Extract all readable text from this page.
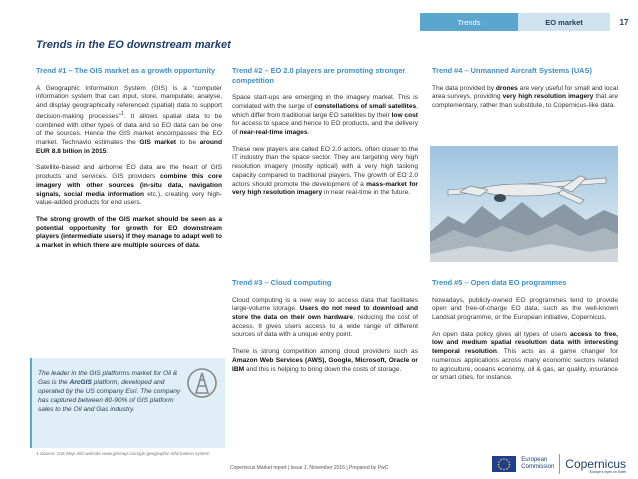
Trends	EO market	17
Trends in the EO downstream market
Trend #1 – The GIS market as a growth opportunity

A Geographic Information System (GIS) is a “computer information system that can input, store, manipulate, analyse, and display geographically referenced (spatial) data to support decision-making processes”$^1$. It allows spatial data to be combined with other types of data and so EO data can be one of the sources. Hence the GIS market encompasses the EO market. Technavio estimates the GIS market to be around EUR 8.8 billion in 2015.

Satellite-based and airborne EO data are the heart of GIS products and services. GIS providers combine this core imagery with other sources (in-situ data, navigation signals, social media information etc.), creating very high-value-added products for end users.

The strong growth of the GIS market should be seen as a potential opportunity for growth for EO downstream players (intermediate users) if they manage to adapt well to a market in which there are multiple sources of data.

Trend #2 – EO 2.0 players are promoting stronger competition

Space start-ups are emerging in the imagery market. This is correlated with the surge of constellations of small satellites, which differ from traditional large EO satellites by their low cost for access to space and hence to EO products, and the delivery of near-real-time images.

These new players are called EO 2.0 actors, often closer to the IT industry than the space sector. They are targeting very high resolution imagery (mostly optical) with a very high tasking capacity compared to traditional players. The growth of EO 2.0 actors should promote the development of a mass-market for very high resolution imagery in near real-time in the future.

Trend #4 – Unmanned Aircraft Systems (UAS)

The data provided by drones are very useful for small and local area surveys, providing very high resolution imagery that are complementary, rather than substitute, to Copernicus-like data.

Trend #3 – Cloud computing

Cloud computing is a new way to access data that facilitates large-volume storage. Users do not need to download and store the data on their own hardware, reducing the cost of access. It gives users access to a wide range of different sources of data with a unique entry point.

There is strong competition among cloud providers such as Amazon Web Services (AWS), Google, Microsoft, Oracle or IBM and this is helping to bring down the costs of storage.

Trend #5 – Open data EO programmes

Nowadays, publicly-owned EO programmes tend to provide open and free-of-charge EO data, such as the well-known Landsat programme, or the European initiative, Copernicus.

An open data policy gives all types of users access to free, low and medium spatial resolution data with interesting temporal resolution. This acts as a game changer for numerous applications across many economic sectors related to agriculture, oceans economy, oil & gas, air quality, insurance or smart cities, for instance.

The leader in the GIS platforms market for Oil & Gas is the ArcGIS platform, developed and operated by the US company Esri. The company has captured between 80-90% of GIS platform sales to the Oil and Gas industry.
1 Source: GIS Map Info website www.gismap.com/gis-geographic-information-system
Copernicus Market report | Issue 1, November 2016 | Prepared by PwC
European
Commission Copernicus
Europe's eyes on Earth
